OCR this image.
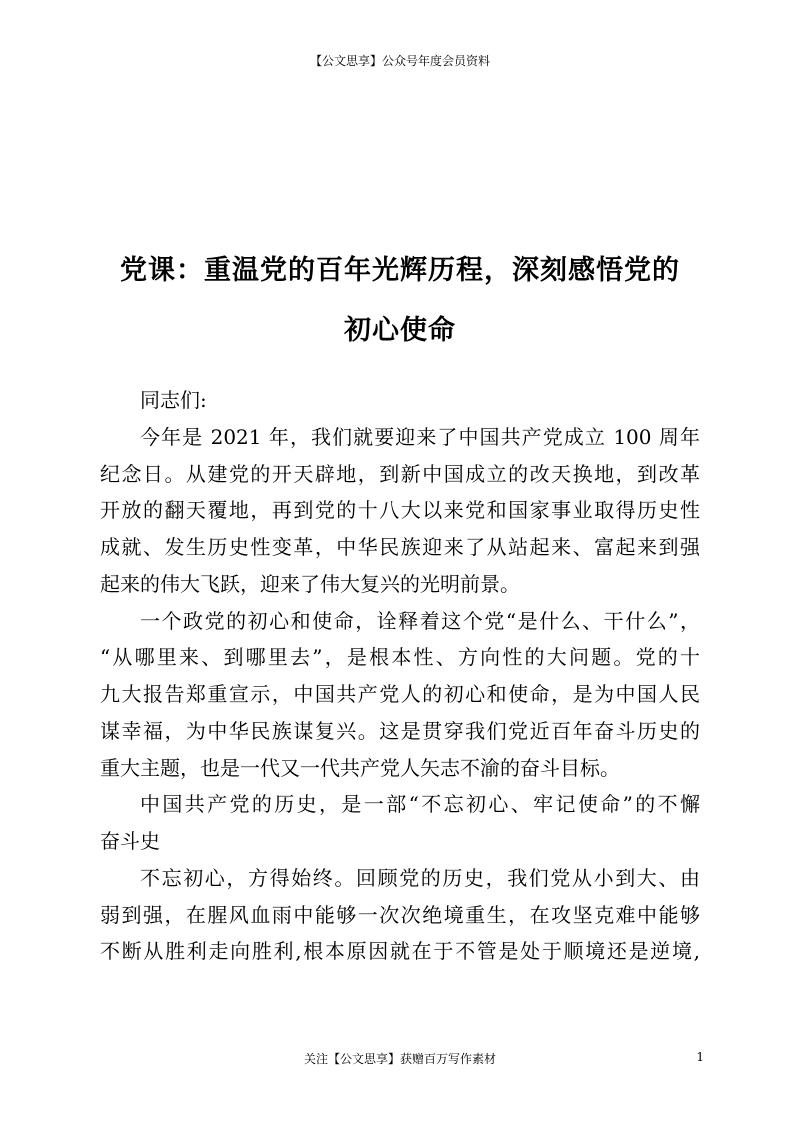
【公文思享】公众号年度会员资料
党课：重温党的百年光辉历程，深刻感悟党的
初心使命
同志们:
今年是 2021 年，我们就要迎来了中国共产党成立 100 周年
纪念日。从建党的开天辟地，到新中国成立的改天换地，到改革
开放的翻天覆地，再到党的十八大以来党和国家事业取得历史性
成就、发生历史性变革，中华民族迎来了从站起来、富起来到强
起来的伟大飞跃，迎来了伟大复兴的光明前景。
一个政党的初心和使命，诠释着这个党“是什么、干什么”，
“从哪里来、到哪里去”，是根本性、方向性的大问题。党的十
九大报告郑重宣示，中国共产党人的初心和使命，是为中国人民
谋幸福，为中华民族谋复兴。这是贯穿我们党近百年奋斗历史的
重大主题，也是一代又一代共产党人矢志不渝的奋斗目标。
中国共产党的历史，是一部“不忘初心、牢记使命”的不懈
奋斗史
不忘初心，方得始终。回顾党的历史，我们党从小到大、由
弱到强，在腥风血雨中能够一次次绝境重生，在攻坚克难中能够
不断从胜利走向胜利,根本原因就在于不管是处于顺境还是逆境,
关注【公文思享】获赠百万写作素材	1
